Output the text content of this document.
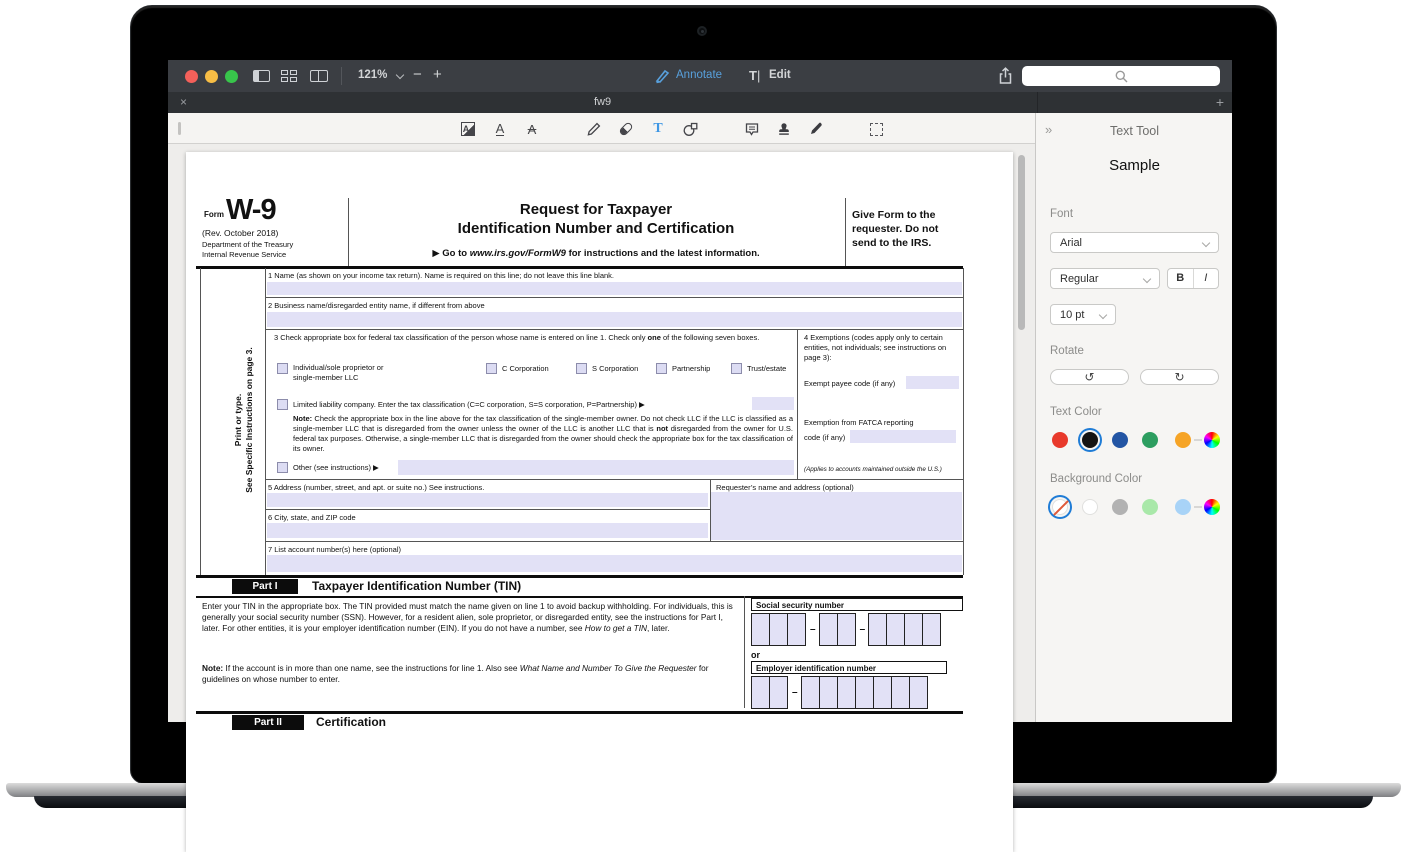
121% − +	Annotate T| Edit
×	fw9	+
A A A	T
Form W-9
(Rev. October 2018)
Department of the Treasury
Internal Revenue Service
Request for Taxpayer
Identification Number and Certification
▶ Go to www.irs.gov/FormW9 for instructions and the latest information.
Give Form to the requester. Do not send to the IRS.
Print or type. See Specific Instructions on page 3.
1 Name (as shown on your income tax return). Name is required on this line; do not leave this line blank.
2 Business name/disregarded entity name, if different from above
3 Check appropriate box for federal tax classification of the person whose name is entered on line 1. Check only one of the following seven boxes.
Individual/sole proprietor or
single-member LLC
C Corporation	S Corporation	Partnership	Trust/estate
Limited liability company. Enter the tax classification (C=C corporation, S=S corporation, P=Partnership) ▶
Note: Check the appropriate box in the line above for the tax classification of the single-member owner. Do not check LLC if the LLC is classified as a single-member LLC that is disregarded from the owner unless the owner of the LLC is another LLC that is not disregarded from the owner for U.S. federal tax purposes. Otherwise, a single-member LLC that is disregarded from the owner should check the appropriate box for the tax classification of its owner.
Other (see instructions) ▶
4 Exemptions (codes apply only to certain entities, not individuals; see instructions on page 3):
Exempt payee code (if any)
Exemption from FATCA reporting
code (if any)
(Applies to accounts maintained outside the U.S.)
5 Address (number, street, and apt. or suite no.) See instructions.	Requester’s name and address (optional)
6 City, state, and ZIP code
7 List account number(s) here (optional)
Part I	Taxpayer Identification Number (TIN)
Enter your TIN in the appropriate box. The TIN provided must match the name given on line 1 to avoid backup withholding. For individuals, this is generally your social security number (SSN). However, for a resident alien, sole proprietor, or disregarded entity, see the instructions for Part I, later. For other entities, it is your employer identification number (EIN). If you do not have a number, see How to get a TIN, later.
Note: If the account is in more than one name, see the instructions for line 1. Also see What Name and Number To Give the Requester for guidelines on whose number to enter.
Social security number
–	–
or
Employer identification number
–
Part II	Certification
»	Text Tool
Sample
Font
Arial
Regular	B	I
10 pt
Rotate
↺	↻
Text Color
Background Color
